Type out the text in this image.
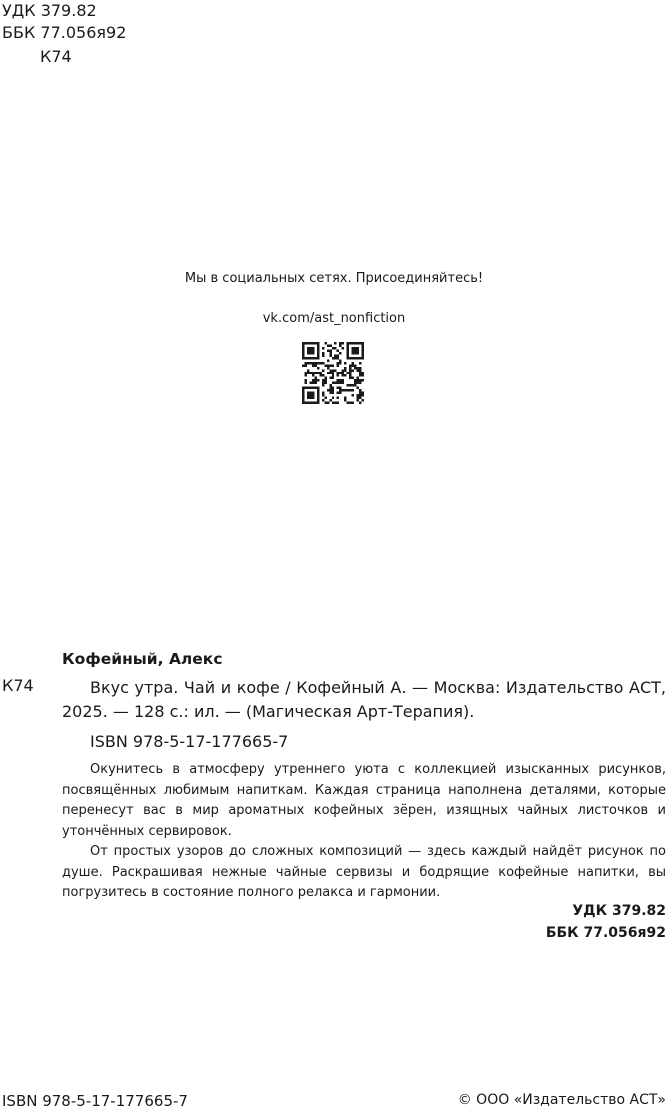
УДК 379.82
ББК 77.056я92
К74
Мы в социальных сетях. Присоединяйтесь!
vk.com/ast_nonfiction
Кофейный, Алекс
К74	Вкус утра. Чай и кофе / Кофейный А. — Москва: Издательство АСТ, 2025. — 128 с.: ил. — (Магическая Арт-Терапия).

ISBN 978-5-17-177665-7

Окунитесь в атмосферу утреннего уюта с коллекцией изысканных рисунков, посвящённых любимым напиткам. Каждая страница наполнена деталями, которые перенесут вас в мир ароматных кофейных зёрен, изящных чайных листочков и утончённых сервировок.

От простых узоров до сложных композиций — здесь каждый найдёт рисунок по душе. Раскрашивая нежные чайные сервизы и бодрящие кофейные напитки, вы погрузитесь в состояние полного релакса и гармонии.

УДК 379.82
ББК 77.056я92
ISBN 978-5-17-177665-7	© ООО «Издательство АСТ»
